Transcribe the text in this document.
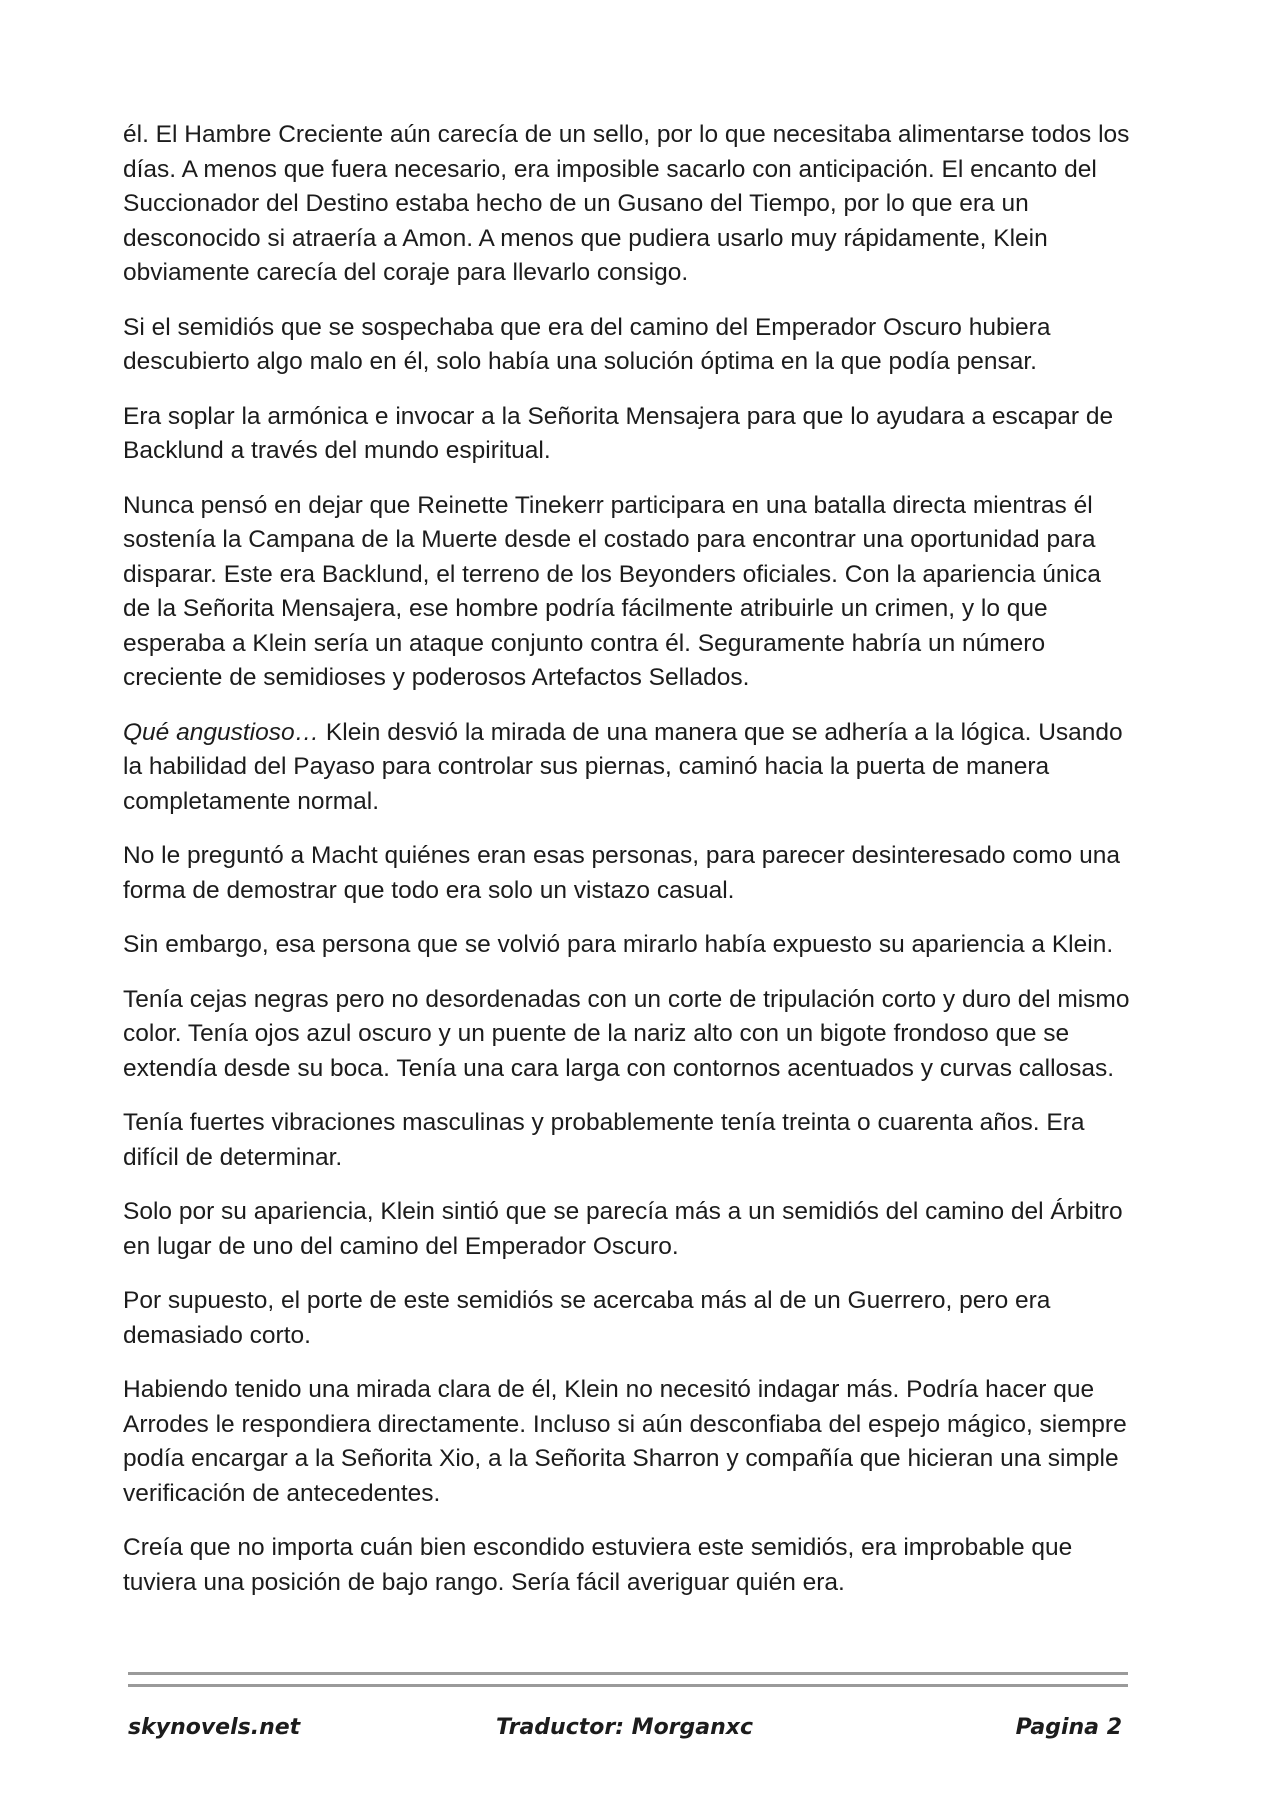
él. El Hambre Creciente aún carecía de un sello, por lo que necesitaba alimentarse todos los días. A menos que fuera necesario, era imposible sacarlo con anticipación. El encanto del Succionador del Destino estaba hecho de un Gusano del Tiempo, por lo que era un desconocido si atraería a Amon. A menos que pudiera usarlo muy rápidamente, Klein obviamente carecía del coraje para llevarlo consigo.

Si el semidiós que se sospechaba que era del camino del Emperador Oscuro hubiera descubierto algo malo en él, solo había una solución óptima en la que podía pensar.

Era soplar la armónica e invocar a la Señorita Mensajera para que lo ayudara a escapar de Backlund a través del mundo espiritual.

Nunca pensó en dejar que Reinette Tinekerr participara en una batalla directa mientras él sostenía la Campana de la Muerte desde el costado para encontrar una oportunidad para disparar. Este era Backlund, el terreno de los Beyonders oficiales. Con la apariencia única de la Señorita Mensajera, ese hombre podría fácilmente atribuirle un crimen, y lo que esperaba a Klein sería un ataque conjunto contra él. Seguramente habría un número creciente de semidioses y poderosos Artefactos Sellados.

Qué angustioso… Klein desvió la mirada de una manera que se adhería a la lógica. Usando la habilidad del Payaso para controlar sus piernas, caminó hacia la puerta de manera completamente normal.

No le preguntó a Macht quiénes eran esas personas, para parecer desinteresado como una forma de demostrar que todo era solo un vistazo casual.

Sin embargo, esa persona que se volvió para mirarlo había expuesto su apariencia a Klein.

Tenía cejas negras pero no desordenadas con un corte de tripulación corto y duro del mismo color. Tenía ojos azul oscuro y un puente de la nariz alto con un bigote frondoso que se extendía desde su boca. Tenía una cara larga con contornos acentuados y curvas callosas.

Tenía fuertes vibraciones masculinas y probablemente tenía treinta o cuarenta años. Era difícil de determinar.

Solo por su apariencia, Klein sintió que se parecía más a un semidiós del camino del Árbitro en lugar de uno del camino del Emperador Oscuro.

Por supuesto, el porte de este semidiós se acercaba más al de un Guerrero, pero era demasiado corto.

Habiendo tenido una mirada clara de él, Klein no necesitó indagar más. Podría hacer que Arrodes le respondiera directamente. Incluso si aún desconfiaba del espejo mágico, siempre podía encargar a la Señorita Xio, a la Señorita Sharron y compañía que hicieran una simple verificación de antecedentes.

Creía que no importa cuán bien escondido estuviera este semidiós, era improbable que tuviera una posición de bajo rango. Sería fácil averiguar quién era.

skynovels.net	Traductor: Morganxc	Pagina 2
